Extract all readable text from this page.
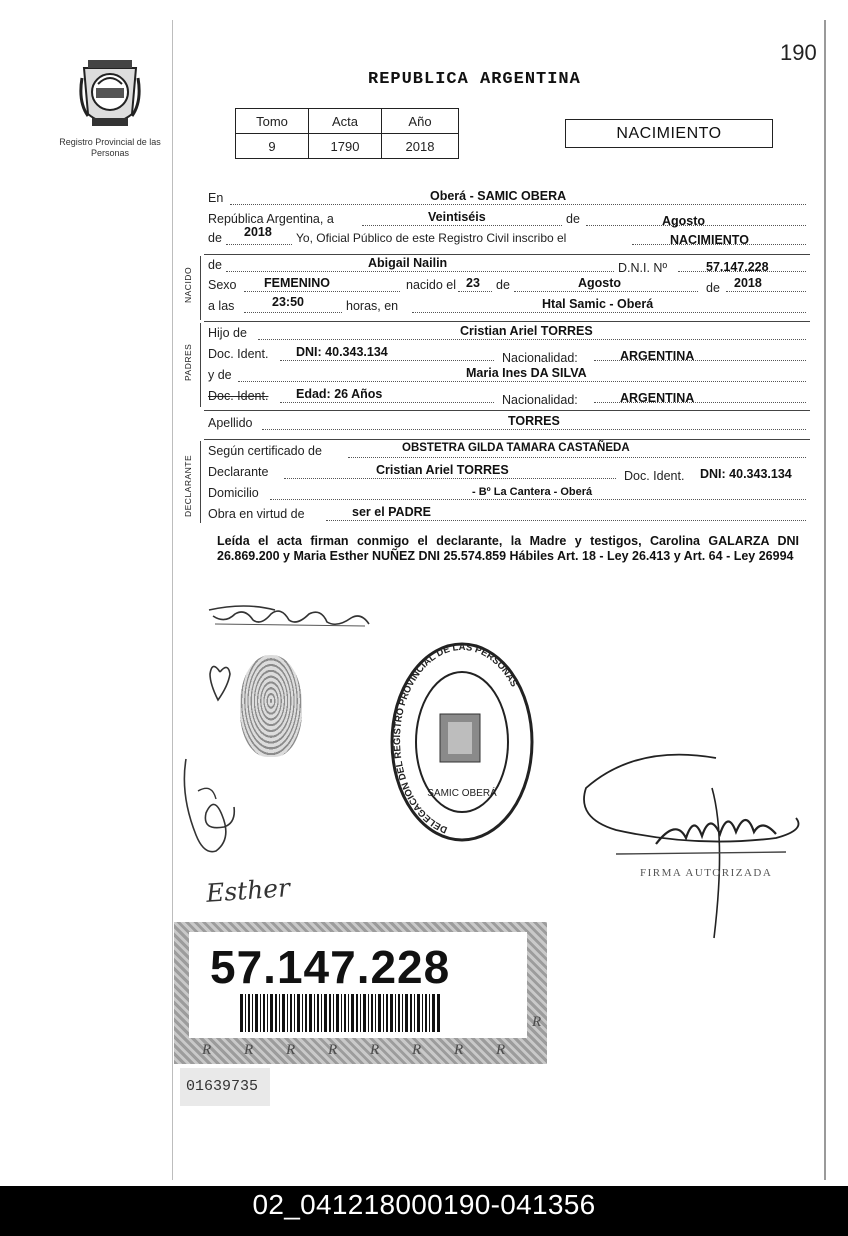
190
Registro Provincial de las Personas
REPUBLICA ARGENTINA
Tomo	Acta	Año
9	1790	2018
NACIMIENTO
En	Oberá - SAMIC OBERA
República Argentina, a	Veintiséis	de	Agosto
de 2018 Yo, Oficial Público de este Registro Civil inscribo el	NACIMIENTO
NACIDO
de	Abigail Nailin	D.N.I. Nº	57.147.228
Sexo FEMENINO	nacido el 23 de	Agosto	de 2018
a las	23:50	horas, en	Htal Samic - Oberá
PADRES
Hijo de	Cristian Ariel TORRES
Doc. Ident. DNI: 40.343.134	Nacionalidad:	ARGENTINA
y de	Maria Ines DA SILVA
Doc. Ident. Edad: 26 Años	Nacionalidad:	ARGENTINA
Apellido	TORRES
DECLARANTE
Según certificado de	OBSTETRA GILDA TAMARA CASTAÑEDA
Declarante	Cristian Ariel TORRES	Doc. Ident. DNI: 40.343.134
Domicilio	- Bº La Cantera - Oberá
Obra en virtud de	ser el PADRE
Leída el acta firman conmigo el declarante, la Madre y testigos, Carolina GALARZA DNI 26.869.200 y Maria Esther NUÑEZ DNI 25.574.859 Hábiles Art. 18 - Ley 26.413 y Art. 64 - Ley 26994
DELEGACIÓN DEL REGISTRO PROVINCIAL DE LAS PERSONAS
SAMIC OBERÁ
FIRMA AUTORIZADA
Esther
R R R R R R R R
R
57.147.228
01639735
02_041218000190-041356
